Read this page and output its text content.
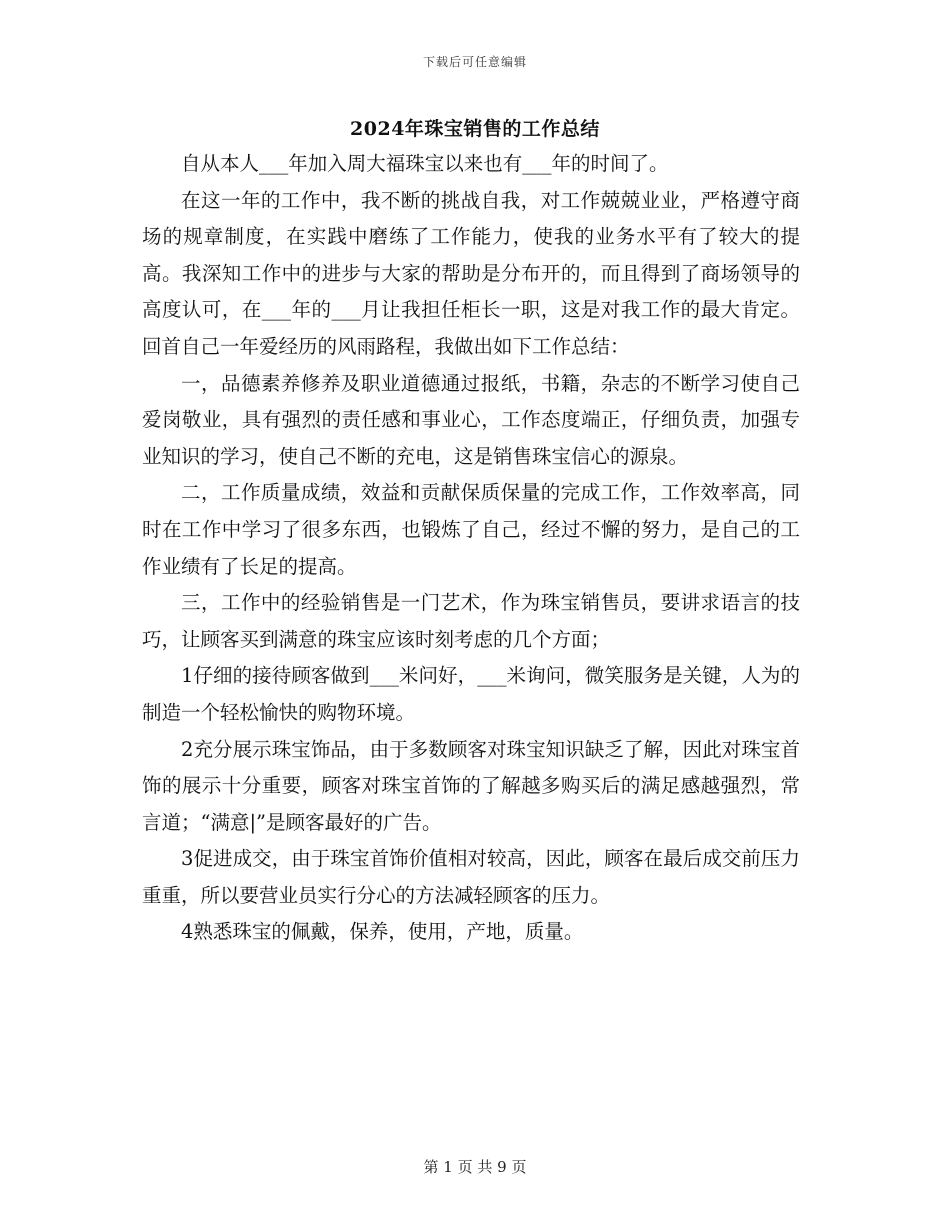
下载后可任意编辑
2024年珠宝销售的工作总结

自从本人___年加入周大福珠宝以来也有___年的时间了。

在这一年的工作中，我不断的挑战自我，对工作兢兢业业，严格遵守商场的规章制度，在实践中磨练了工作能力，使我的业务水平有了较大的提高。我深知工作中的进步与大家的帮助是分布开的，而且得到了商场领导的高度认可，在___年的___月让我担任柜长一职，这是对我工作的最大肯定。回首自己一年爱经历的风雨路程，我做出如下工作总结：

一，品德素养修养及职业道德通过报纸，书籍，杂志的不断学习使自己爱岗敬业，具有强烈的责任感和事业心，工作态度端正，仔细负责，加强专业知识的学习，使自己不断的充电，这是销售珠宝信心的源泉。

二，工作质量成绩，效益和贡献保质保量的完成工作，工作效率高，同时在工作中学习了很多东西，也锻炼了自己，经过不懈的努力，是自己的工作业绩有了长足的提高。

三，工作中的经验销售是一门艺术，作为珠宝销售员，要讲求语言的技巧，让顾客买到满意的珠宝应该时刻考虑的几个方面；

1仔细的接待顾客做到___米问好，___米询问，微笑服务是关键，人为的制造一个轻松愉快的购物环境。

2充分展示珠宝饰品，由于多数顾客对珠宝知识缺乏了解，因此对珠宝首饰的展示十分重要，顾客对珠宝首饰的了解越多购买后的满足感越强烈，常言道；“满意|”是顾客最好的广告。

3促进成交，由于珠宝首饰价值相对较高，因此，顾客在最后成交前压力重重，所以要营业员实行分心的方法减轻顾客的压力。

4熟悉珠宝的佩戴，保养，使用，产地，质量。

第 1 页 共 9 页
